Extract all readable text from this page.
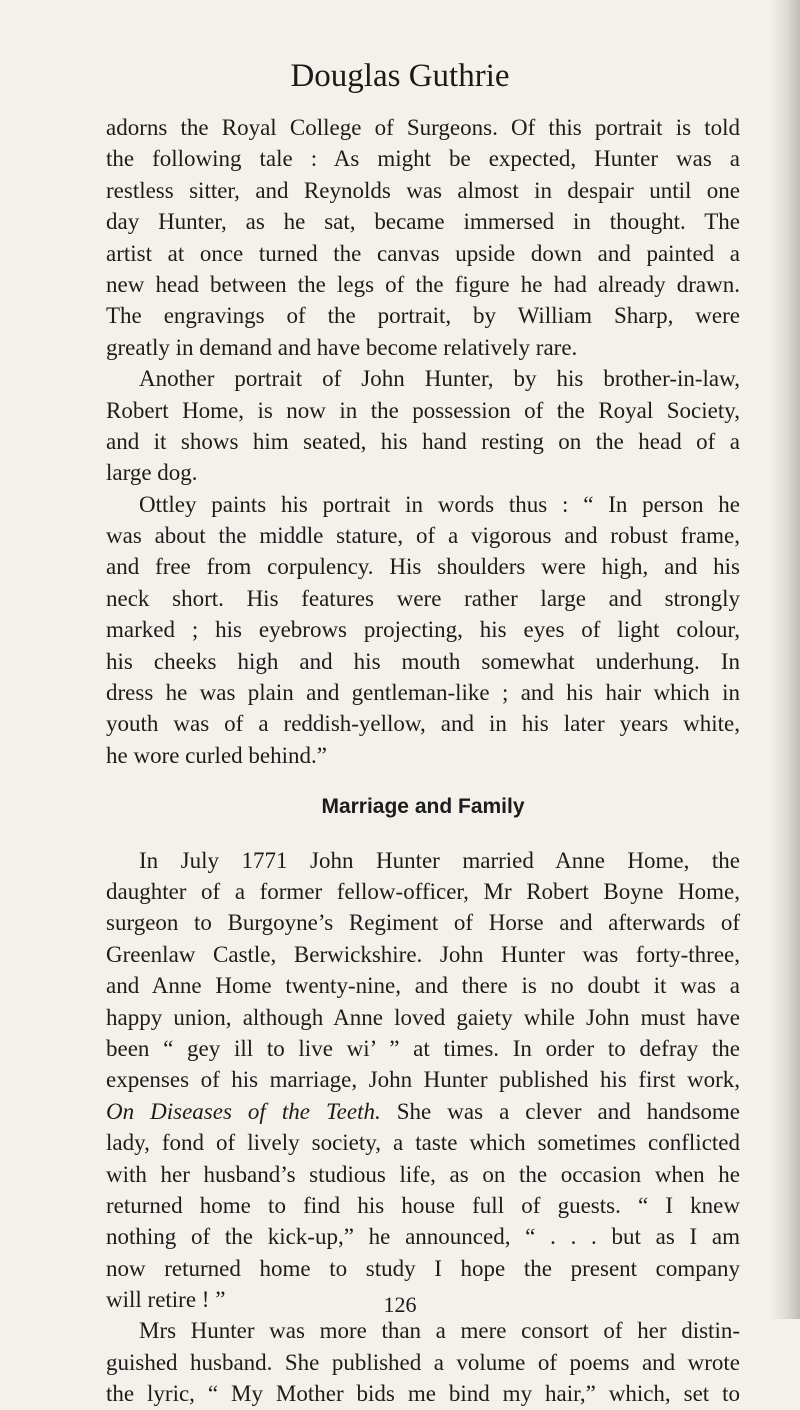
Douglas Guthrie
adorns the Royal College of Surgeons. Of this portrait is told
the following tale : As might be expected, Hunter was a
restless sitter, and Reynolds was almost in despair until one
day Hunter, as he sat, became immersed in thought. The
artist at once turned the canvas upside down and painted a
new head between the legs of the figure he had already drawn.
The engravings of the portrait, by William Sharp, were
greatly in demand and have become relatively rare.
Another portrait of John Hunter, by his brother-in-law,
Robert Home, is now in the possession of the Royal Society,
and it shows him seated, his hand resting on the head of a
large dog.
Ottley paints his portrait in words thus : “ In person he
was about the middle stature, of a vigorous and robust frame,
and free from corpulency. His shoulders were high, and his
neck short. His features were rather large and strongly
marked ; his eyebrows projecting, his eyes of light colour,
his cheeks high and his mouth somewhat underhung. In
dress he was plain and gentleman-like ; and his hair which in
youth was of a reddish-yellow, and in his later years white,
he wore curled behind.”
Marriage and Family
In July 1771 John Hunter married Anne Home, the
daughter of a former fellow-officer, Mr Robert Boyne Home,
surgeon to Burgoyne’s Regiment of Horse and afterwards of
Greenlaw Castle, Berwickshire. John Hunter was forty-three,
and Anne Home twenty-nine, and there is no doubt it was a
happy union, although Anne loved gaiety while John must have
been “ gey ill to live wi’ ” at times. In order to defray the
expenses of his marriage, John Hunter published his first work,
On Diseases of the Teeth. She was a clever and handsome
lady, fond of lively society, a taste which sometimes conflicted
with her husband’s studious life, as on the occasion when he
returned home to find his house full of guests. “ I knew
nothing of the kick-up,” he announced, “ . . . but as I am
now returned home to study I hope the present company
will retire ! ”
Mrs Hunter was more than a mere consort of her distin-
guished husband. She published a volume of poems and wrote
the lyric, “ My Mother bids me bind my hair,” which, set to
126
